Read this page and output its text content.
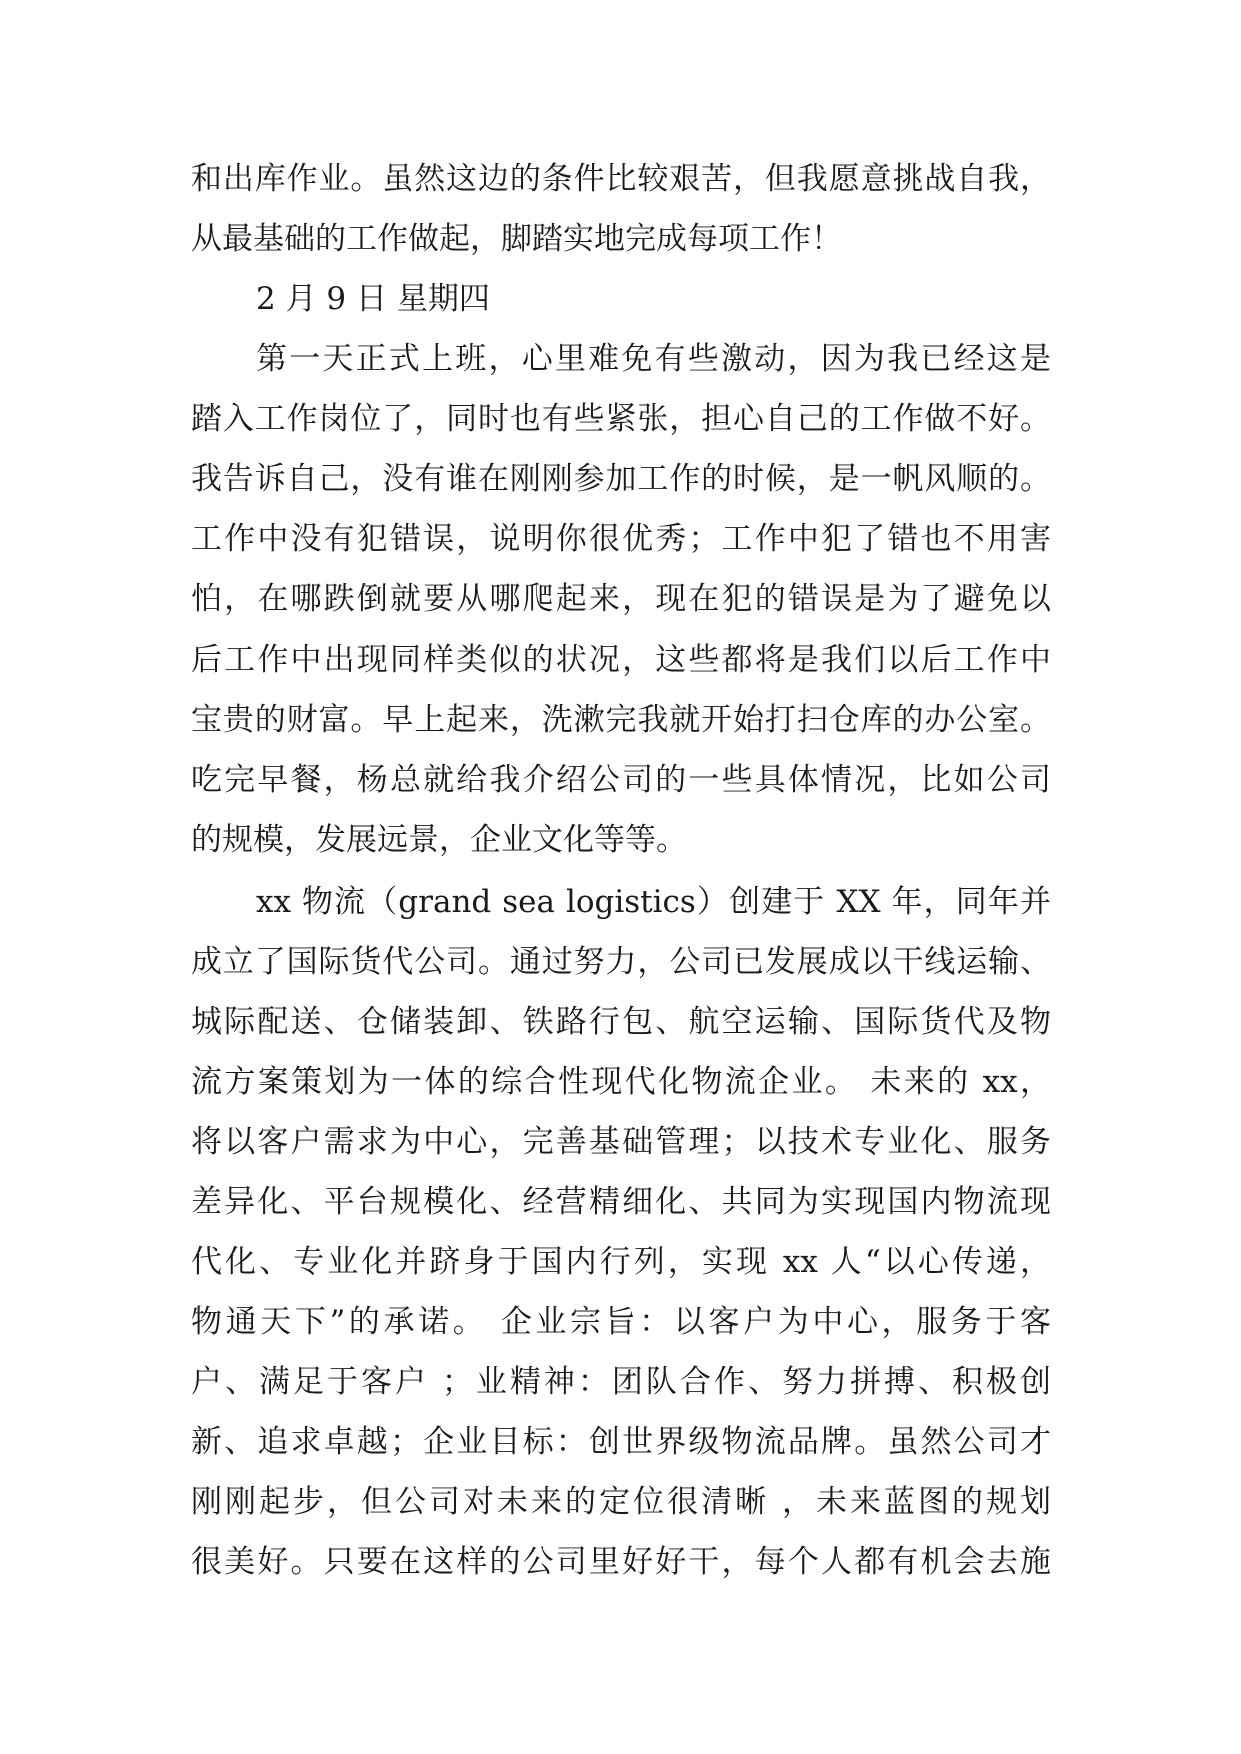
和出库作业。虽然这边的条件比较艰苦，但我愿意挑战自我，
从最基础的工作做起，脚踏实地完成每项工作！
2 月 9 日 星期四
第一天正式上班，心里难免有些激动，因为我已经这是
踏入工作岗位了，同时也有些紧张，担心自己的工作做不好。
我告诉自己，没有谁在刚刚参加工作的时候，是一帆风顺的。
工作中没有犯错误，说明你很优秀；工作中犯了错也不用害
怕，在哪跌倒就要从哪爬起来，现在犯的错误是为了避免以
后工作中出现同样类似的状况，这些都将是我们以后工作中
宝贵的财富。早上起来，洗漱完我就开始打扫仓库的办公室。
吃完早餐，杨总就给我介绍公司的一些具体情况，比如公司
的规模，发展远景，企业文化等等。
xx 物流（grand sea logistics）创建于 XX 年，同年并
成立了国际货代公司。通过努力，公司已发展成以干线运输、
城际配送、仓储装卸、铁路行包、航空运输、国际货代及物
流方案策划为一体的综合性现代化物流企业。 未来的 xx，
将以客户需求为中心，完善基础管理；以技术专业化、服务
差异化、平台规模化、经营精细化、共同为实现国内物流现
代化、专业化并跻身于国内行列，实现 xx 人“以心传递，
物通天下”的承诺。 企业宗旨：以客户为中心，服务于客
户、满足于客户 ；业精神：团队合作、努力拼搏、积极创
新、追求卓越；企业目标：创世界级物流品牌。虽然公司才
刚刚起步，但公司对未来的定位很清晰 ，未来蓝图的规划
很美好。只要在这样的公司里好好干，每个人都有机会去施
